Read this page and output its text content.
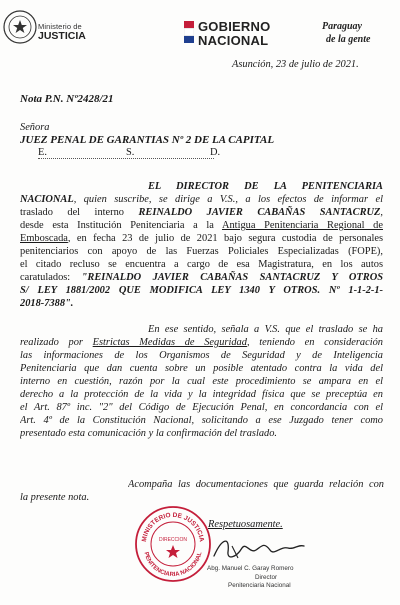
Ministerio de
JUSTICIA
GOBIERNO
NACIONAL
Paraguay
de la gente
Asunción, 23 de julio de 2021.
Nota P.N. Nº2428/21
Señora
JUEZ PENAL DE GARANTIAS Nº 2 DE LA CAPITAL
E.	S.	D.
EL DIRECTOR DE LA PENITENCIARIA
NACIONAL, quien suscribe, se dirige a V.S., a los efectos de informar el
traslado del interno REINALDO JAVIER CABAÑAS SANTACRUZ,
desde esta Institución Penitenciaria a la Antigua Penitenciaria Regional de
Emboscada, en fecha 23 de julio de 2021 bajo segura custodia de personales
penitenciarios con apoyo de las Fuerzas Policiales Especializadas (FOPE),
el citado recluso se encuentra a cargo de esa Magistratura, en los autos
caratulados: "REINALDO JAVIER CABAÑAS SANTACRUZ Y OTROS
S/ LEY 1881/2002 QUE MODIFICA LEY 1340 Y OTROS. Nº 1-1-2-1-
2018-7388".
En ese sentido, señala a V.S. que el traslado se ha
realizado por Estrictas Medidas de Seguridad, teniendo en consideración
las informaciones de los Organismos de Seguridad y de Inteligencia
Penitenciaria que dan cuenta sobre un posible atentado contra la vida del
interno en cuestión, razón por la cual este procedimiento se ampara en el
derecho a la protección de la vida y la integridad física que se preceptúa en
el Art. 87º inc. "2" del Código de Ejecución Penal, en concordancia con el
Art. 4º de la Constitución Nacional, solicitando a ese Juzgado tener como
presentado esta comunicación y la confirmación del traslado.
Acompaña las documentaciones que guarda relación con
la presente nota.
MINISTERIO DE JUSTICIA
PENITENCIARIA NACIONAL
DIRECCION
Respetuosamente.
Abg. Manuel C. Garay Romero
Director
Penitenciaria Nacional
